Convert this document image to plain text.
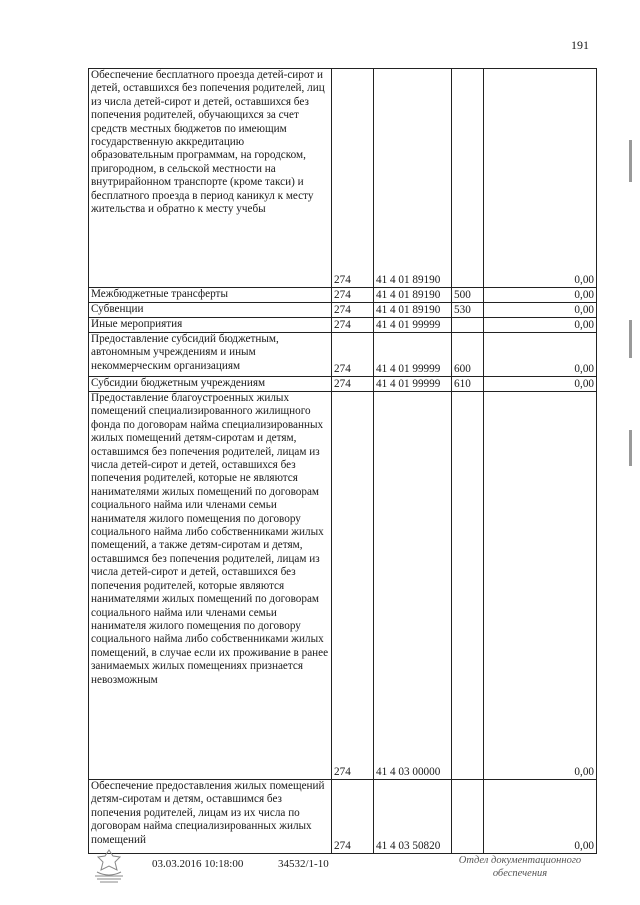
191
Обеспечение бесплатного проезда детей-сирот и детей, оставшихся без попечения родителей, лиц из числа детей-сирот и детей, оставшихся без попечения родителей, обучающихся за счет средств местных бюджетов по имеющим государственную аккредитацию образовательным программам, на городском, пригородном, в сельской местности на внутрирайонном транспорте (кроме такси) и бесплатного проезда в период каникул к месту жительства и обратно к месту учебы	274	41 4 01 89190		0,00

Межбюджетные трансферты	274	41 4 01 89190	500	0,00

Субвенции	274	41 4 01 89190	530	0,00

Иные мероприятия	274	41 4 01 99999		0,00

Предоставление субсидий бюджетным, автономным учреждениям и иным некоммерческим организациям	274	41 4 01 99999	600	0,00

Субсидии бюджетным учреждениям	274	41 4 01 99999	610	0,00

Предоставление благоустроенных жилых помещений специализированного жилищного фонда по договорам найма специализированных жилых помещений детям-сиротам и детям, оставшимся без попечения родителей, лицам из числа детей-сирот и детей, оставшихся без попечения родителей, которые не являются нанимателями жилых помещений по договорам социального найма или членами семьи нанимателя жилого помещения по договору социального найма либо собственниками жилых помещений, а также детям-сиротам и детям, оставшимся без попечения родителей, лицам из числа детей-сирот и детей, оставшихся без попечения родителей, которые являются нанимателями жилых помещений по договорам социального найма или членами семьи нанимателя жилого помещения по договору социального найма либо собственниками жилых помещений, в случае если их проживание в ранее занимаемых жилых помещениях признается невозможным	274	41 4 03 00000		0,00

Обеспечение предоставления жилых помещений детям-сиротам и детям, оставшимся без попечения родителей, лицам из их числа по договорам найма специализированных жилых помещений	274	41 4 03 50820		0,00
03.03.2016 10:18:00	34532/1-10	Отдел документационного
обеспечения
